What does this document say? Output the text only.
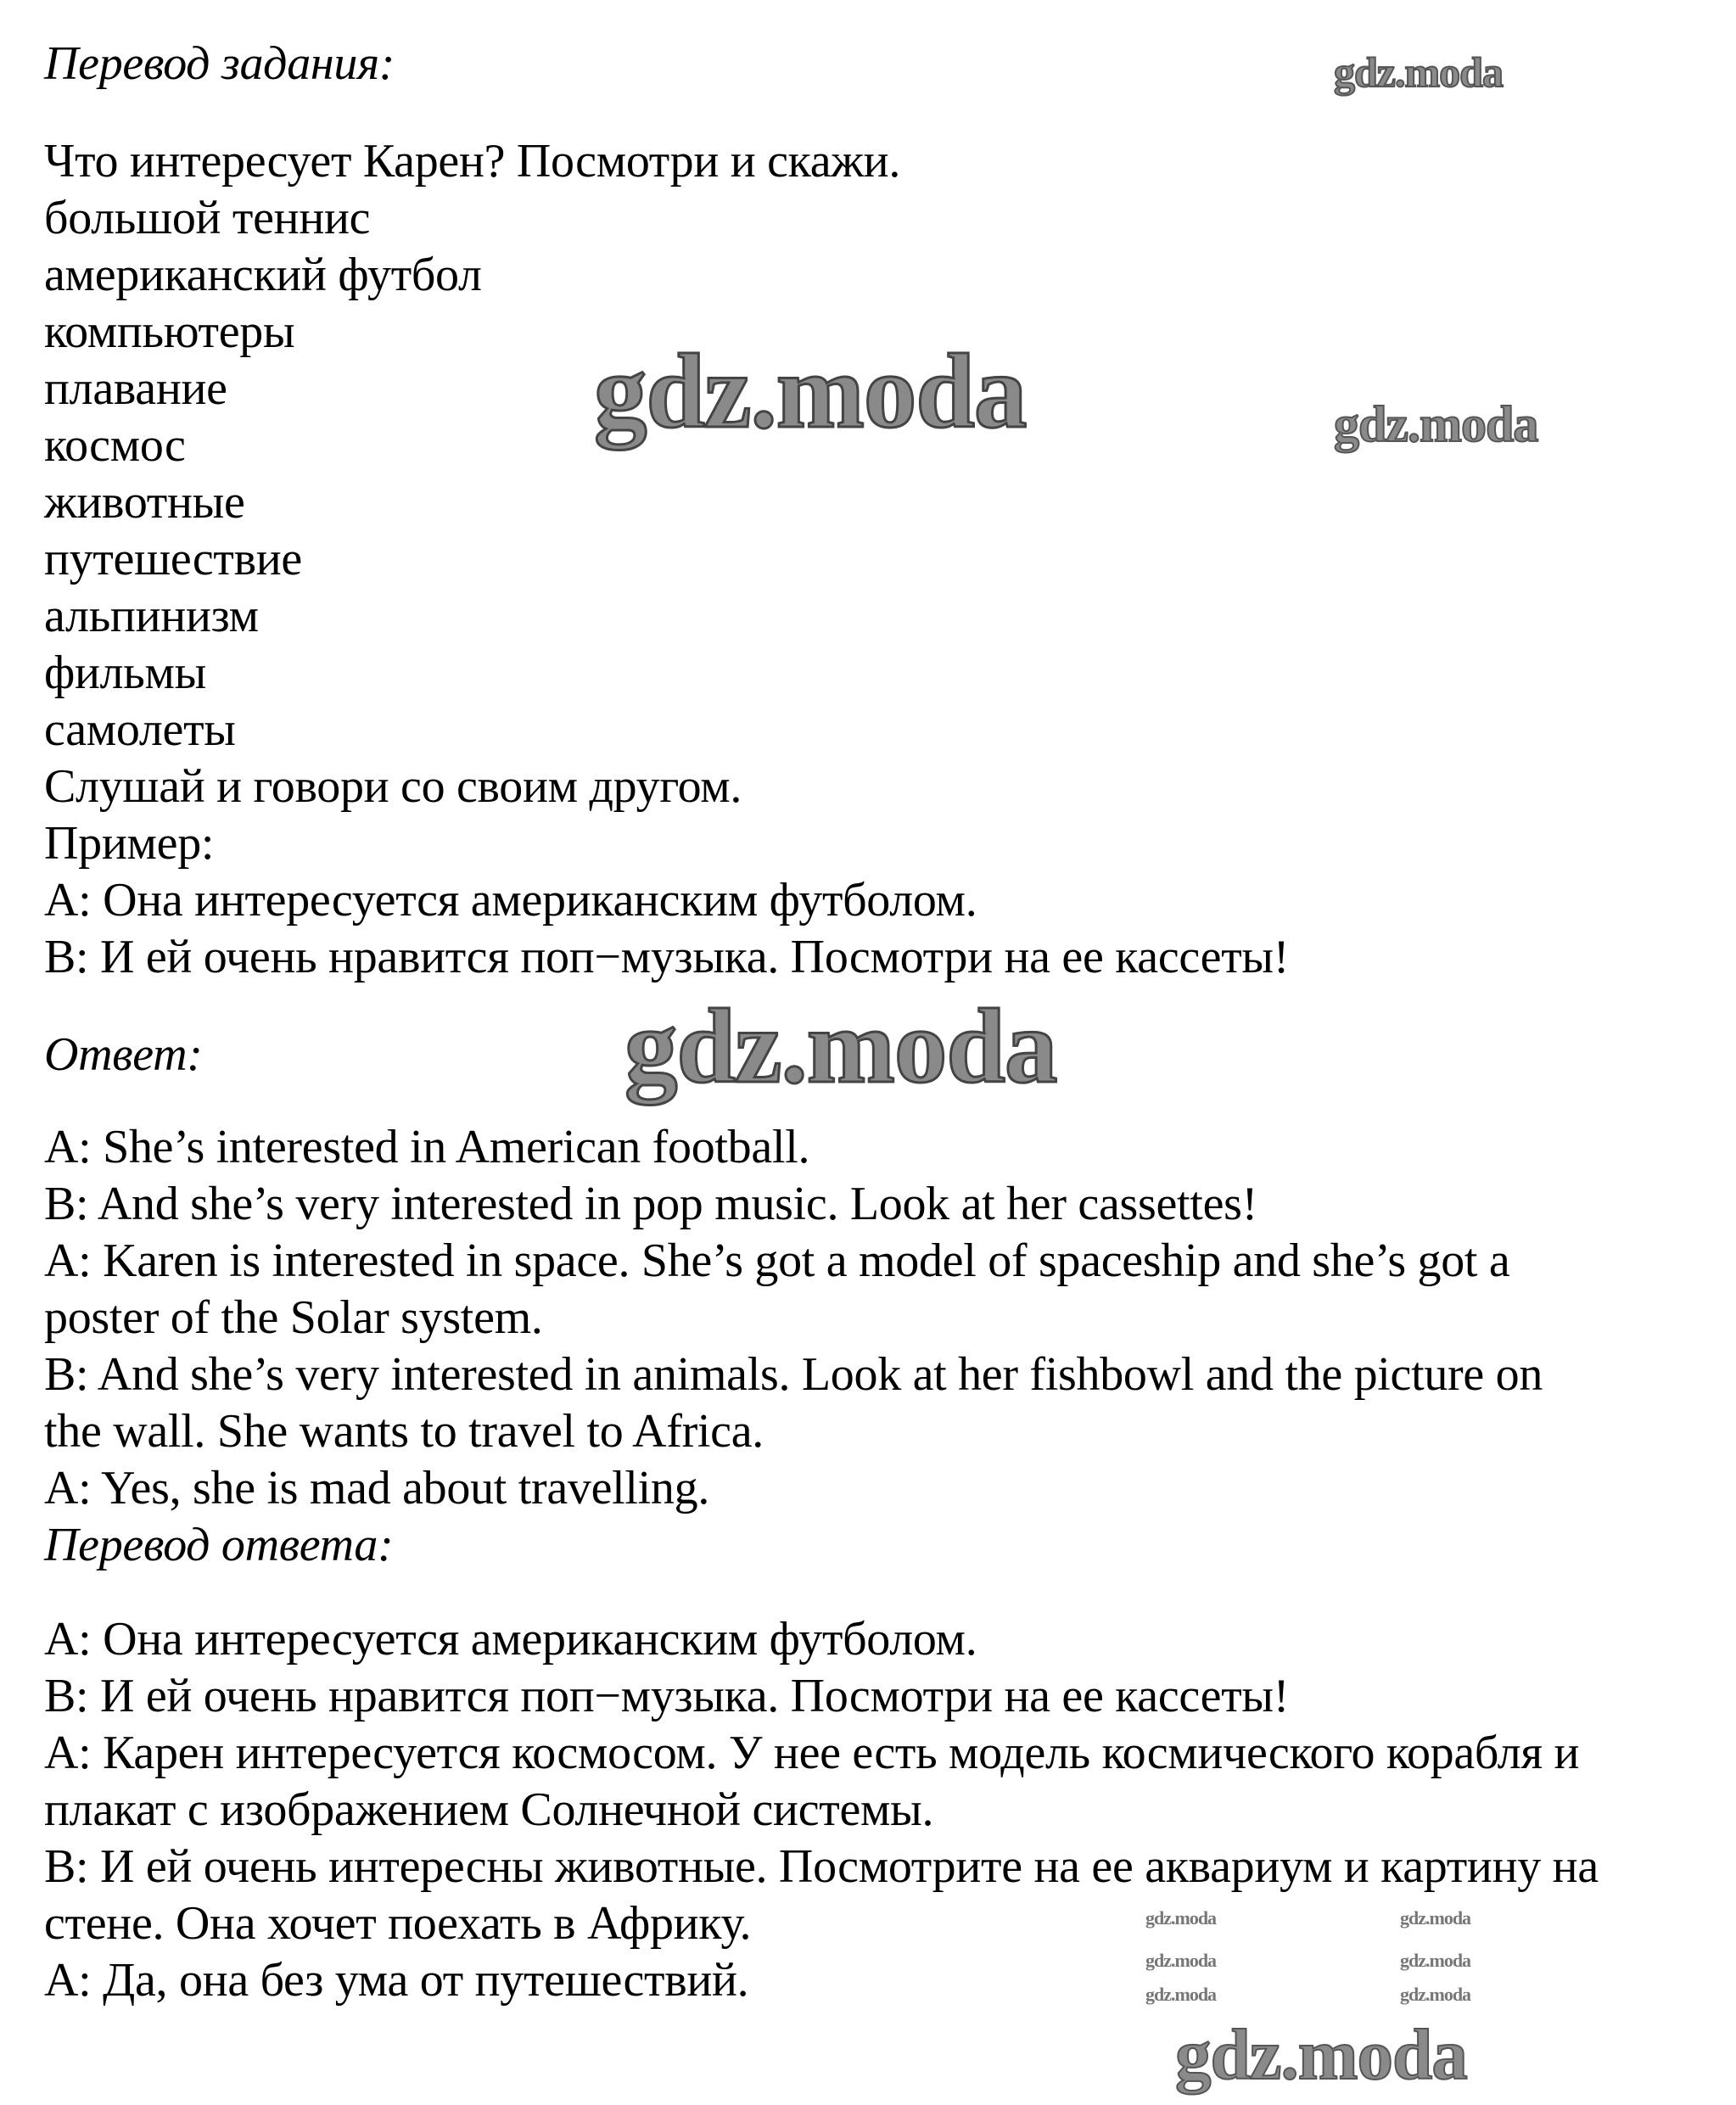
Перевод задания:
Что интересует Карен? Посмотри и скажи.
большой теннис
американский футбол
компьютеры
плавание
космос
животные
путешествие
альпинизм
фильмы
самолеты
Слушай и говори со своим другом.
Пример:
A: Она интересуется американским футболом.
B: И ей очень нравится поп−музыка. Посмотри на ее кассеты!
Ответ:
A: She’s interested in American football.
B: And she’s very interested in pop music. Look at her cassettes!
A: Karen is interested in space. She’s got a model of spaceship and she’s got a
poster of the Solar system.
B: And she’s very interested in animals. Look at her fishbowl and the picture on
the wall. She wants to travel to Africa.
A: Yes, she is mad about travelling.
Перевод ответа:
A: Она интересуется американским футболом.
B: И ей очень нравится поп−музыка. Посмотри на ее кассеты!
A: Карен интересуется космосом. У нее есть модель космического корабля и
плакат с изображением Солнечной системы.
B: И ей очень интересны животные. Посмотрите на ее аквариум и картину на
стене. Она хочет поехать в Африку.
A: Да, она без ума от путешествий.
gdz.moda
gdz.moda	gdz.moda
gdz.moda
gdz.moda
gdz.moda	gdz.moda
gdz.moda	gdz.moda
gdz.moda	gdz.moda
